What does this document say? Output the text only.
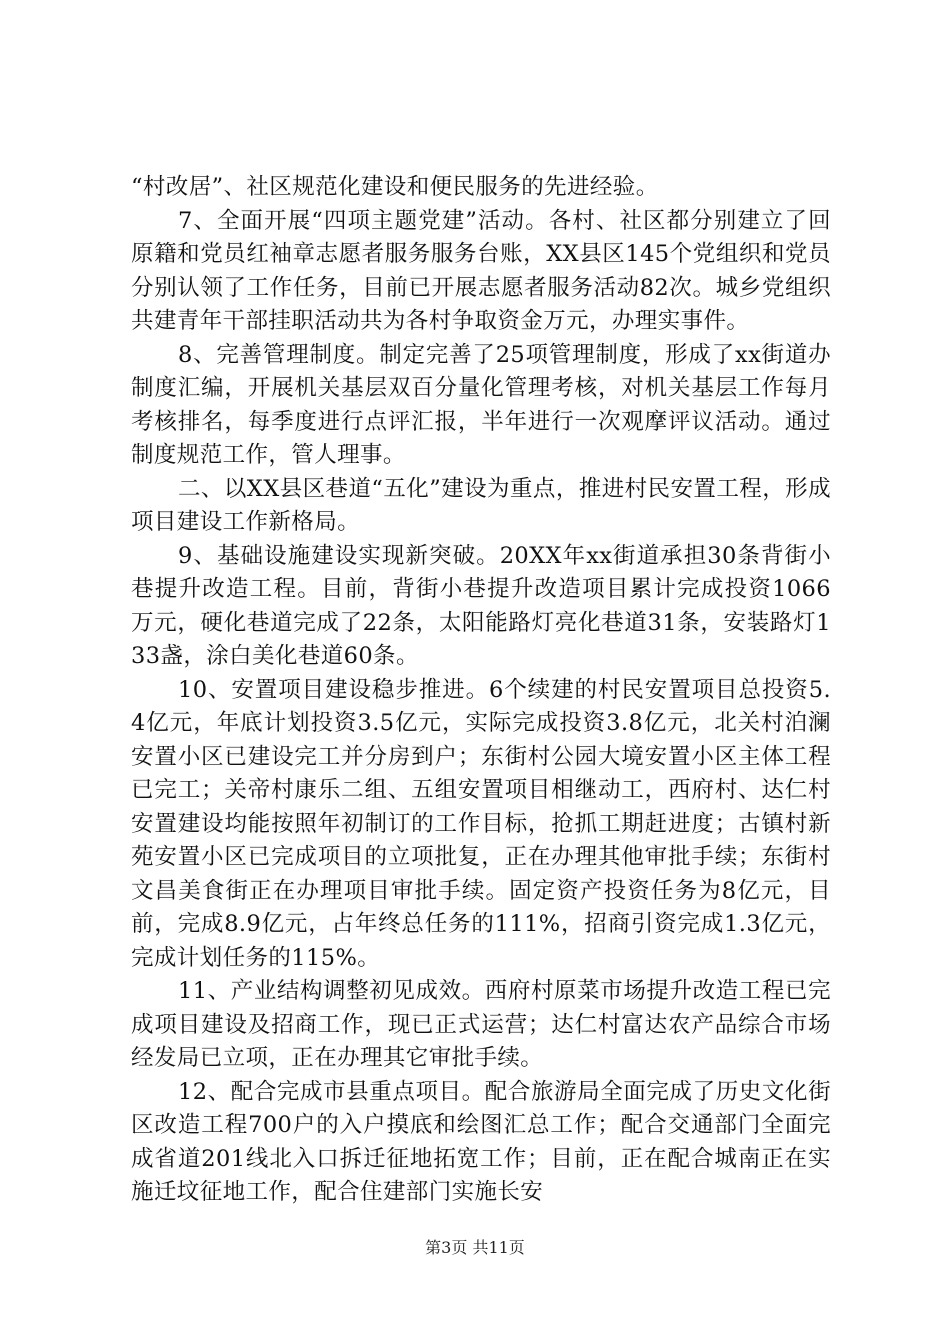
“村改居”、社区规范化建设和便民服务的先进经验。

7、全面开展“四项主题党建”活动。各村、社区都分别建立了回原籍和党员红袖章志愿者服务服务台账，XX县区145个党组织和党员分别认领了工作任务，目前已开展志愿者服务活动82次。城乡党组织共建青年干部挂职活动共为各村争取资金万元，办理实事件。

8、完善管理制度。制定完善了25项管理制度，形成了xx街道办制度汇编，开展机关基层双百分量化管理考核，对机关基层工作每月考核排名，每季度进行点评汇报，半年进行一次观摩评议活动。通过制度规范工作，管人理事。

二、以XX县区巷道“五化”建设为重点，推进村民安置工程，形成项目建设工作新格局。

9、基础设施建设实现新突破。20XX年xx街道承担30条背街小巷提升改造工程。目前，背街小巷提升改造项目累计完成投资1066万元，硬化巷道完成了22条，太阳能路灯亮化巷道31条，安装路灯133盏，涂白美化巷道60条。

10、安置项目建设稳步推进。6个续建的村民安置项目总投资5.4亿元，年底计划投资3.5亿元，实际完成投资3.8亿元，北关村泊澜安置小区已建设完工并分房到户；东街村公园大境安置小区主体工程已完工；关帝村康乐二组、五组安置项目相继动工，西府村、达仁村安置建设均能按照年初制订的工作目标，抢抓工期赶进度；古镇村新苑安置小区已完成项目的立项批复，正在办理其他审批手续；东街村文昌美食街正在办理项目审批手续。固定资产投资任务为8亿元，目前，完成8.9亿元，占年终总任务的111%，招商引资完成1.3亿元，完成计划任务的115%。

11、产业结构调整初见成效。西府村原菜市场提升改造工程已完成项目建设及招商工作，现已正式运营；达仁村富达农产品综合市场经发局已立项，正在办理其它审批手续。

12、配合完成市县重点项目。配合旅游局全面完成了历史文化街区改造工程700户的入户摸底和绘图汇总工作；配合交通部门全面完成省道201线北入口拆迁征地拓宽工作；目前，正在配合城南正在实施迁坟征地工作，配合住建部门实施长安

第3页 共11页
